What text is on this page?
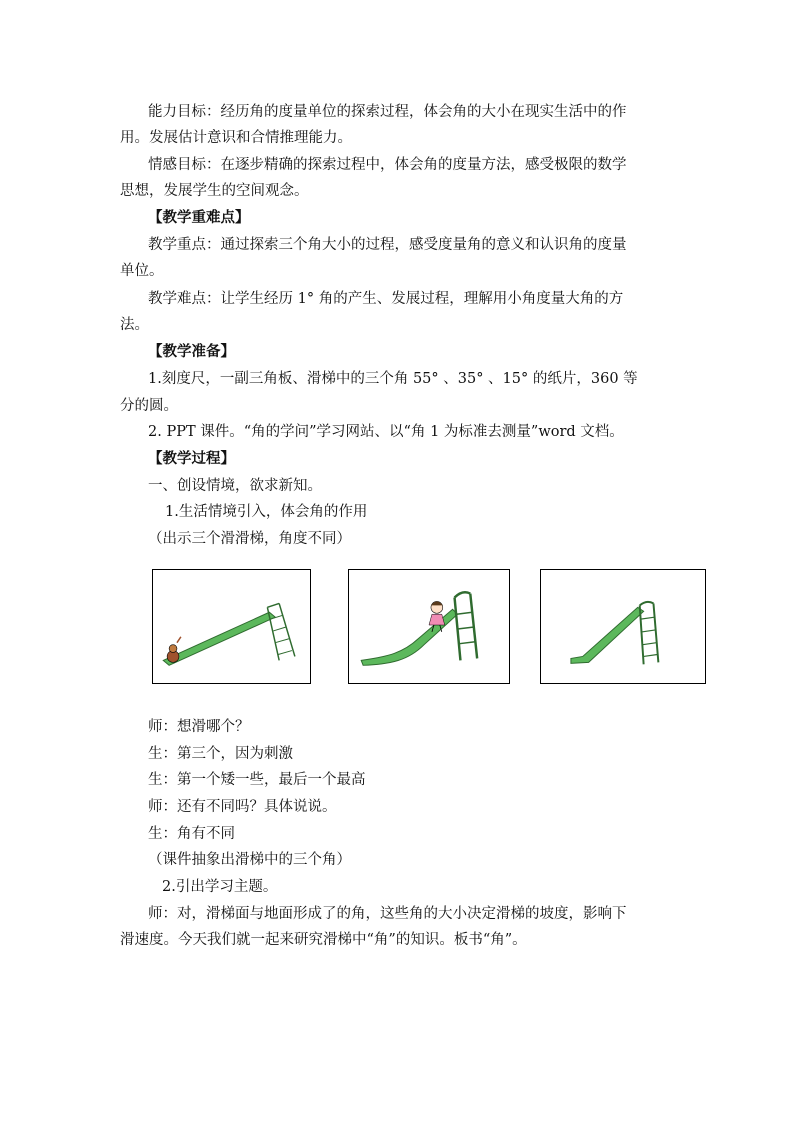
能力目标：经历角的度量单位的探索过程，体会角的大小在现实生活中的作
用。发展估计意识和合情推理能力。
情感目标：在逐步精确的探索过程中，体会角的度量方法，感受极限的数学
思想，发展学生的空间观念。
【教学重难点】
教学重点：通过探索三个角大小的过程，感受度量角的意义和认识角的度量
单位。
教学难点：让学生经历 1° 角的产生、发展过程，理解用小角度量大角的方
法。
【教学准备】
1.刻度尺，一副三角板、滑梯中的三个角 55° 、35° 、15° 的纸片，360 等
分的圆。
2. PPT 课件。“角的学问”学习网站、以“角 1 为标准去测量”word 文档。
【教学过程】
一、创设情境，欲求新知。
1.生活情境引入，体会角的作用
（出示三个滑滑梯，角度不同）
师：想滑哪个？
生：第三个，因为刺激
生：第一个矮一些，最后一个最高
师：还有不同吗？具体说说。
生：角有不同
（课件抽象出滑梯中的三个角）
2.引出学习主题。
师：对，滑梯面与地面形成了的角，这些角的大小决定滑梯的坡度，影响下
滑速度。今天我们就一起来研究滑梯中“角”的知识。板书“角”。
